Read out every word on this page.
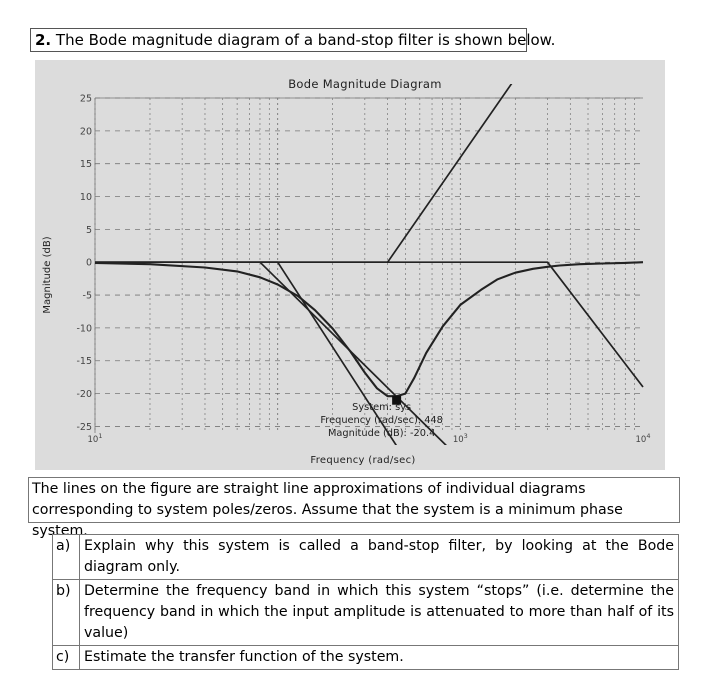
2. The Bode magnitude diagram of a band-stop filter is shown below.
25
20
15
10
5
0
-5
-10
-15
-20
-25
$10^1$	$10^3$	$10^4$
Bode Magnitude Diagram
Magnitude (dB)
Frequency (rad/sec)
System: sys
Frequency (rad/sec): 448
Magnitude (dB): -20.4
The lines on the figure are straight line approximations of individual diagrams corresponding to system poles/zeros. Assume that the system is a minimum phase system.
a)	Explain why this system is called a band-stop filter, by looking at the Bode diagram only.
b)	Determine the frequency band in which this system “stops” (i.e. determine the frequency band in which the input amplitude is attenuated to more than half of its value)
c)	Estimate the transfer function of the system.
